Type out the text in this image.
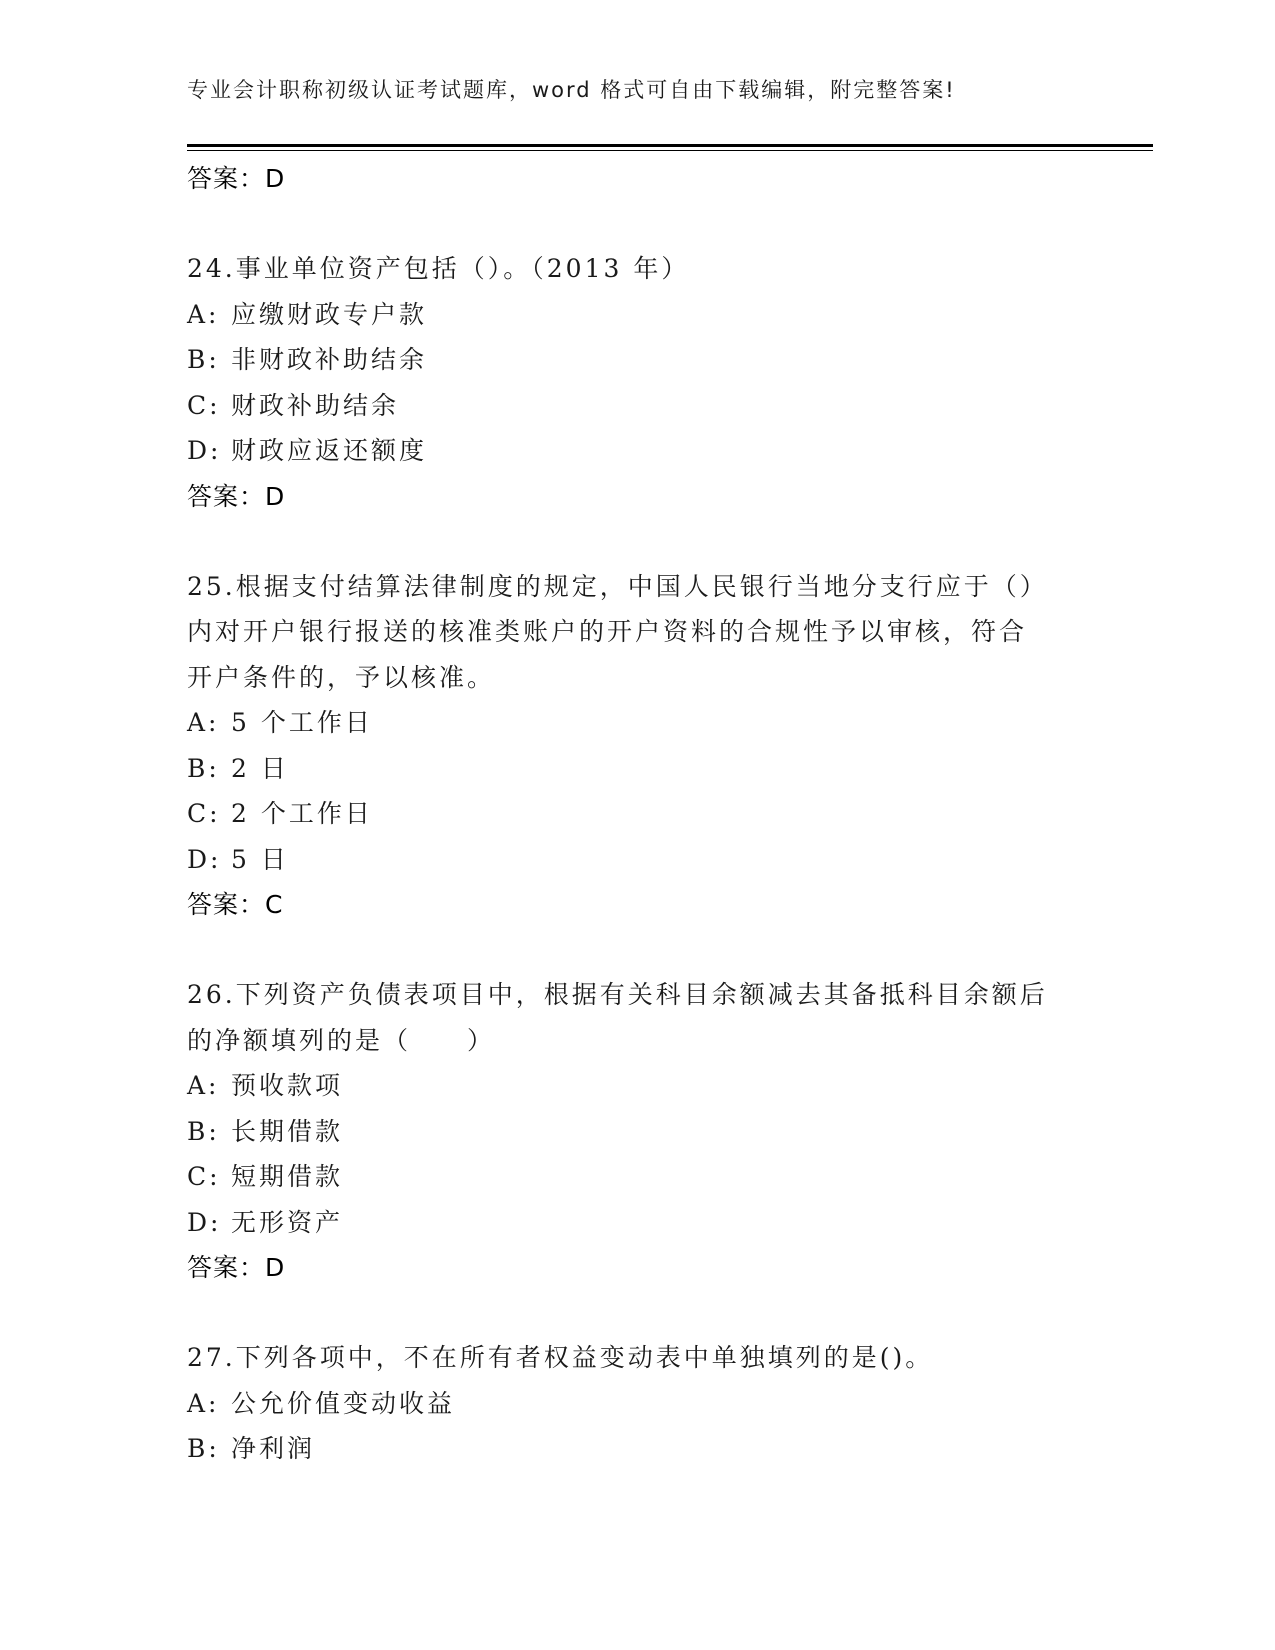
专业会计职称初级认证考试题库，word 格式可自由下载编辑，附完整答案!
答案：D
24.事业单位资产包括（）。（2013 年）
A: 应缴财政专户款
B: 非财政补助结余
C: 财政补助结余
D: 财政应返还额度
答案：D
25.根据支付结算法律制度的规定，中国人民银行当地分支行应于（）
内对开户银行报送的核准类账户的开户资料的合规性予以审核，符合
开户条件的，予以核准。
A: 5 个工作日
B: 2 日
C: 2 个工作日
D: 5 日
答案：C
26.下列资产负债表项目中，根据有关科目余额减去其备抵科目余额后
的净额填列的是（　　）
A: 预收款项
B: 长期借款
C: 短期借款
D: 无形资产
答案：D
27.下列各项中，不在所有者权益变动表中单独填列的是()。
A: 公允价值变动收益
B: 净利润
